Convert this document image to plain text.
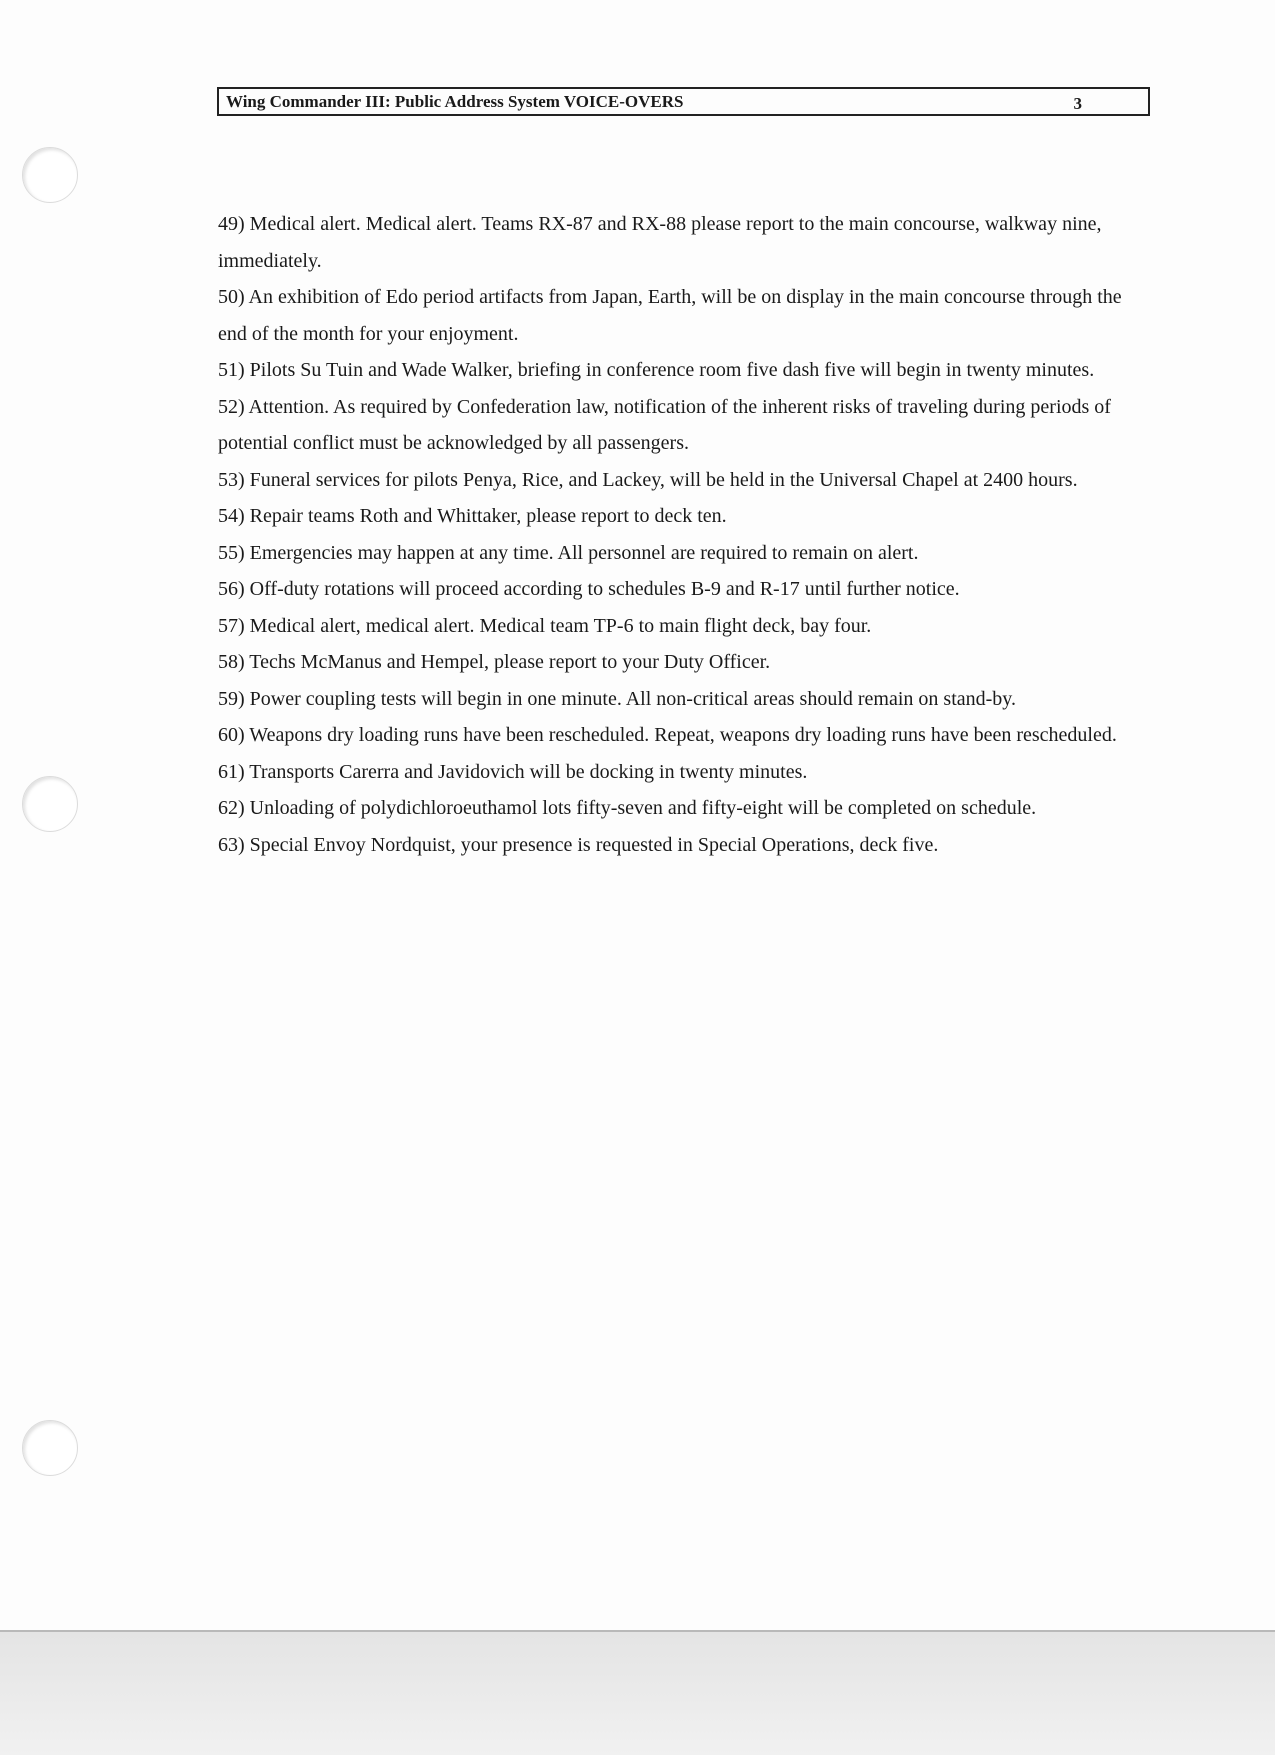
Wing Commander III: Public Address System VOICE-OVERS	3

49) Medical alert. Medical alert. Teams RX-87 and RX-88 please report to the main concourse, walkway nine, immediately.

50) An exhibition of Edo period artifacts from Japan, Earth, will be on display in the main concourse through the end of the month for your enjoyment.

51) Pilots Su Tuin and Wade Walker, briefing in conference room five dash five will begin in twenty minutes.

52) Attention. As required by Confederation law, notification of the inherent risks of traveling during periods of potential conflict must be acknowledged by all passengers.

53) Funeral services for pilots Penya, Rice, and Lackey, will be held in the Universal Chapel at 2400 hours.

54) Repair teams Roth and Whittaker, please report to deck ten.

55) Emergencies may happen at any time. All personnel are required to remain on alert.

56) Off-duty rotations will proceed according to schedules B-9 and R-17 until further notice.

57) Medical alert, medical alert. Medical team TP-6 to main flight deck, bay four.

58) Techs McManus and Hempel, please report to your Duty Officer.

59) Power coupling tests will begin in one minute. All non-critical areas should remain on stand-by.

60) Weapons dry loading runs have been rescheduled. Repeat, weapons dry loading runs have been rescheduled.

61) Transports Carerra and Javidovich will be docking in twenty minutes.

62) Unloading of polydichloroeuthamol lots fifty-seven and fifty-eight will be completed on schedule.

63) Special Envoy Nordquist, your presence is requested in Special Operations, deck five.
